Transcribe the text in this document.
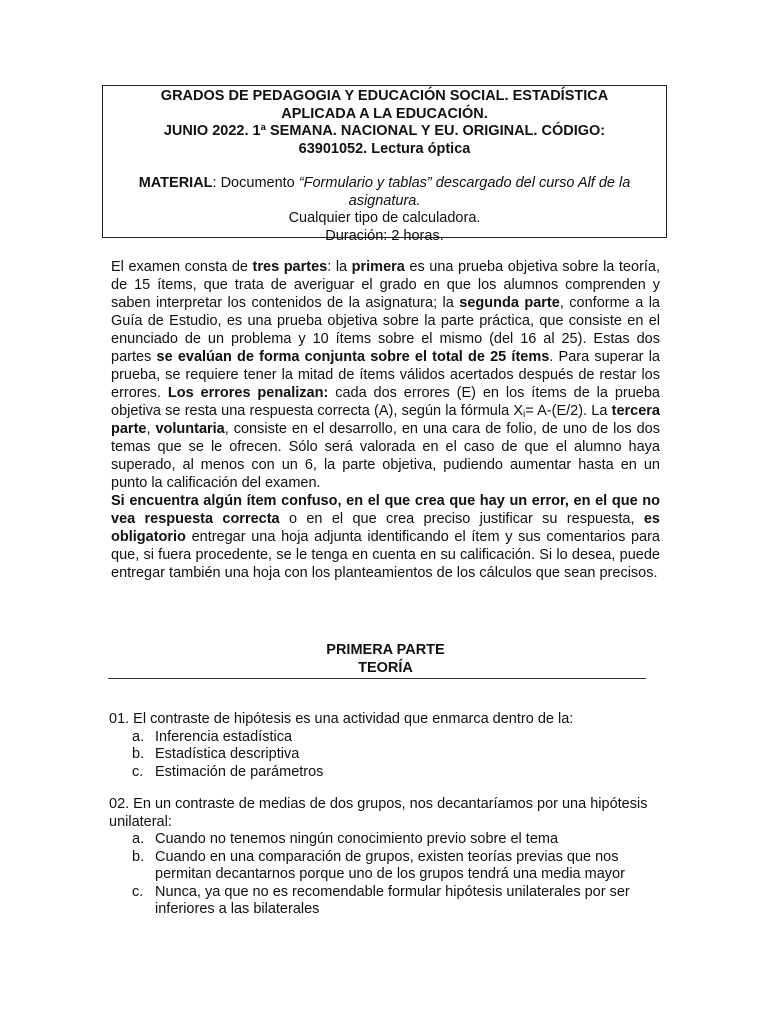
GRADOS DE PEDAGOGIA Y EDUCACIÓN SOCIAL. ESTADÍSTICA
APLICADA A LA EDUCACIÓN.
JUNIO 2022. 1ª SEMANA. NACIONAL Y EU. ORIGINAL. CÓDIGO:
63901052. Lectura óptica
MATERIAL: Documento “Formulario y tablas” descargado del curso Alf de la asignatura.
Cualquier tipo de calculadora.
Duración: 2 horas.
El examen consta de tres partes: la primera es una prueba objetiva sobre la teoría, de 15 ítems, que trata de averiguar el grado en que los alumnos comprenden y saben interpretar los contenidos de la asignatura; la segunda parte, conforme a la Guía de Estudio, es una prueba objetiva sobre la parte práctica, que consiste en el enunciado de un problema y 10 ítems sobre el mismo (del 16 al 25). Estas dos partes se evalúan de forma conjunta sobre el total de 25 ítems. Para superar la prueba, se requiere tener la mitad de ítems válidos acertados después de restar los errores. Los errores penalizan: cada dos errores (E) en los ítems de la prueba objetiva se resta una respuesta correcta (A), según la fórmula $X_i= A-(E/2)$. La tercera parte, voluntaria, consiste en el desarrollo, en una cara de folio, de uno de los dos temas que se le ofrecen. Sólo será valorada en el caso de que el alumno haya superado, al menos con un 6, la parte objetiva, pudiendo aumentar hasta en un punto la calificación del examen.
Si encuentra algún ítem confuso, en el que crea que hay un error, en el que no vea respuesta correcta o en el que crea preciso justificar su respuesta, es obligatorio entregar una hoja adjunta identificando el ítem y sus comentarios para que, si fuera procedente, se le tenga en cuenta en su calificación. Si lo desea, puede entregar también una hoja con los planteamientos de los cálculos que sean precisos.
PRIMERA PARTE
TEORÍA
01. El contraste de hipótesis es una actividad que enmarca dentro de la:
a. Inferencia estadística
b. Estadística descriptiva
c. Estimación de parámetros
02. En un contraste de medias de dos grupos, nos decantaríamos por una hipótesis unilateral:
a. Cuando no tenemos ningún conocimiento previo sobre el tema
b. Cuando en una comparación de grupos, existen teorías previas que nos permitan decantarnos porque uno de los grupos tendrá una media mayor
c. Nunca, ya que no es recomendable formular hipótesis unilaterales por ser inferiores a las bilaterales
